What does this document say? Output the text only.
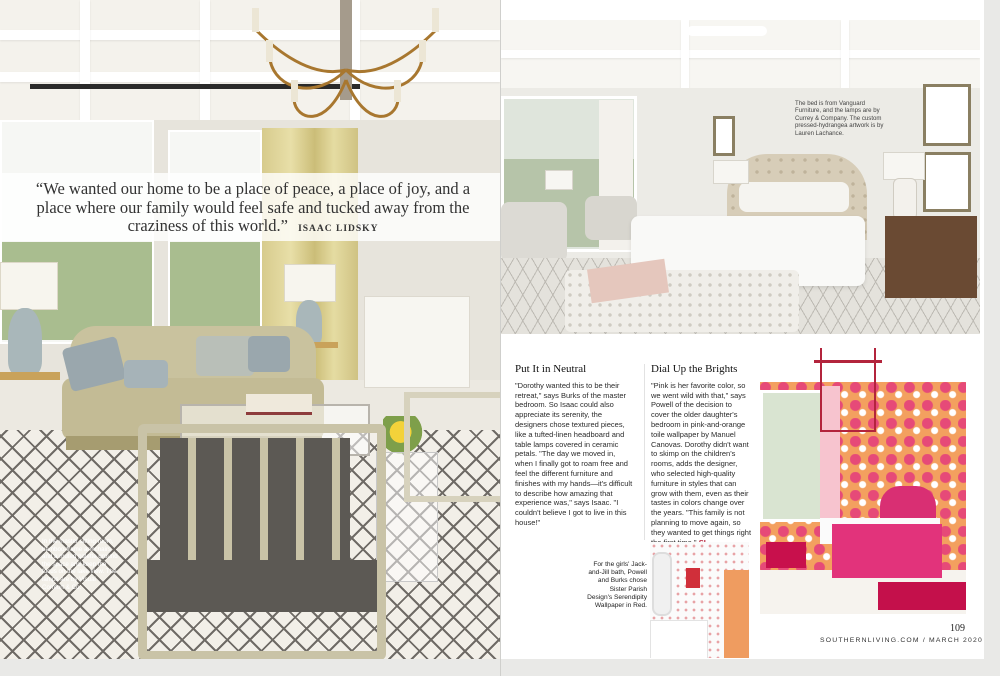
“We wanted our home to be a place of peace, a place of joy, and a place where our family would feel safe and tucked away from the craziness of this world.” ISAAC LIDSKY
In the master sitting room, bamboo-frame armchairs and a muted palette ground the space and keep the focus on the lake view. The lamps are by Visual Comfort & Co.
The bed is from Vanguard Furniture, and the lamps are by Currey & Company. The custom pressed-hydrangea artwork is by Lauren Lachance.
Put It in Neutral
"Dorothy wanted this to be their retreat," says Burks of the master bedroom. So Isaac could also appreciate its serenity, the designers chose textured pieces, like a tufted-linen headboard and table lamps covered in ceramic petals. "The day we moved in, when I finally got to roam free and feel the different furniture and finishes with my hands—it's difficult to describe how amazing that experience was," says Isaac. "I couldn't believe I got to live in this house!"
Dial Up the Brights
"Pink is her favorite color, so we went wild with that," says Powell of the decision to cover the older daughter's bedroom in pink-and-orange toile wallpaper by Manuel Canovas. Dorothy didn't want to skimp on the children's rooms, adds the designer, who selected high-quality furniture in styles that can grow with them, even as their tastes in colors change over the years. "This family is not planning to move again, so they wanted to get things right
For the girls' Jack-and-Jill bath, Powell and Burks chose Sister Parish Design's Serendipity Wallpaper in Red.
109
SOUTHERNLIVING.COM / MARCH 2020
